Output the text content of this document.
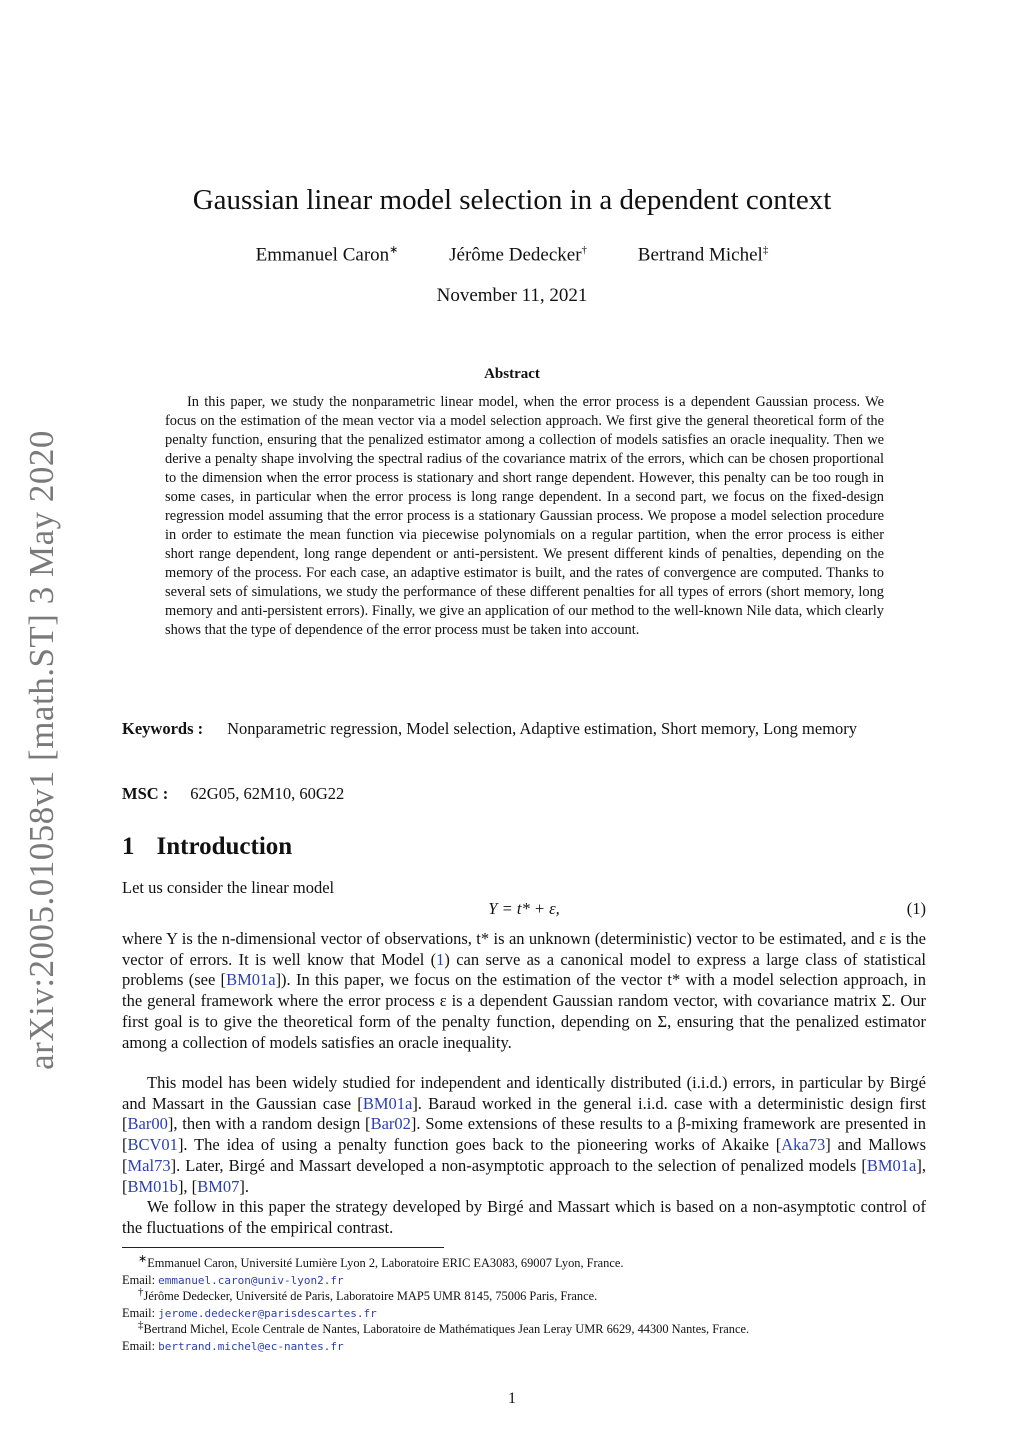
arXiv:2005.01058v1 [math.ST] 3 May 2020
Gaussian linear model selection in a dependent context
Emmanuel Caron∗	Jérôme Dedecker†	Bertrand Michel‡
November 11, 2021
Abstract

In this paper, we study the nonparametric linear model, when the error process is a dependent Gaussian process. We focus on the estimation of the mean vector via a model selection approach. We first give the general theoretical form of the penalty function, ensuring that the penalized estimator among a collection of models satisfies an oracle inequality. Then we derive a penalty shape involving the spectral radius of the covariance matrix of the errors, which can be chosen proportional to the dimension when the error process is stationary and short range dependent. However, this penalty can be too rough in some cases, in particular when the error process is long range dependent. In a second part, we focus on the fixed-design regression model assuming that the error process is a stationary Gaussian process. We propose a model selection procedure in order to estimate the mean function via piecewise polynomials on a regular partition, when the error process is either short range dependent, long range dependent or anti-persistent. We present different kinds of penalties, depending on the memory of the process. For each case, an adaptive estimator is built, and the rates of convergence are computed. Thanks to several sets of simulations, we study the performance of these different penalties for all types of errors (short memory, long memory and anti-persistent errors). Finally, we give an application of our method to the well-known Nile data, which clearly shows that the type of dependence of the error process must be taken into account.

Keywords : Nonparametric regression, Model selection, Adaptive estimation, Short memory, Long memory
MSC : 62G05, 62M10, 60G22
1 Introduction

Let us consider the linear model

Y = t* + ε,	(1)

where Y is the n-dimensional vector of observations, t* is an unknown (deterministic) vector to be estimated, and ε is the vector of errors. It is well know that Model (1) can serve as a canonical model to express a large class of statistical problems (see [BM01a]). In this paper, we focus on the estimation of the vector t* with a model selection approach, in the general framework where the error process ε is a dependent Gaussian random vector, with covariance matrix Σ. Our first goal is to give the theoretical form of the penalty function, depending on Σ, ensuring that the penalized estimator among a collection of models satisfies an oracle inequality.

This model has been widely studied for independent and identically distributed (i.i.d.) errors, in particular by Birgé and Massart in the Gaussian case [BM01a]. Baraud worked in the general i.i.d. case with a deterministic design first [Bar00], then with a random design [Bar02]. Some extensions of these results to a β-mixing framework are presented in [BCV01]. The idea of using a penalty function goes back to the pioneering works of Akaike [Aka73] and Mallows [Mal73]. Later, Birgé and Massart developed a non-asymptotic approach to the selection of penalized models [BM01a], [BM01b], [BM07].

We follow in this paper the strategy developed by Birgé and Massart which is based on a non-asymptotic control of the fluctuations of the empirical contrast.

∗Emmanuel Caron, Université Lumière Lyon 2, Laboratoire ERIC EA3083, 69007 Lyon, France.
Email: emmanuel.caron@univ-lyon2.fr
†Jérôme Dedecker, Université de Paris, Laboratoire MAP5 UMR 8145, 75006 Paris, France.
Email: jerome.dedecker@parisdescartes.fr
‡Bertrand Michel, Ecole Centrale de Nantes, Laboratoire de Mathématiques Jean Leray UMR 6629, 44300 Nantes, France.
Email: bertrand.michel@ec-nantes.fr
1
